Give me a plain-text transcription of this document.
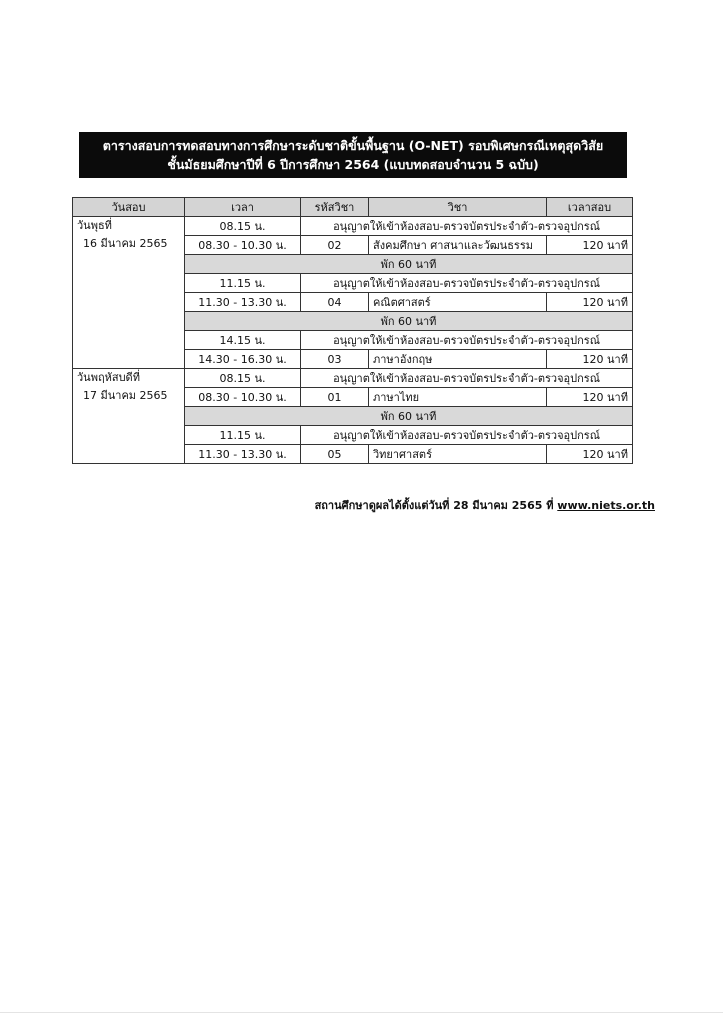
ตารางสอบการทดสอบทางการศึกษาระดับชาติขั้นพื้นฐาน (O-NET) รอบพิเศษกรณีเหตุสุดวิสัย
ชั้นมัธยมศึกษาปีที่ 6 ปีการศึกษา 2564 (แบบทดสอบจำนวน 5 ฉบับ)
วันสอบ	เวลา	รหัสวิชา	วิชา	เวลาสอบ

วันพุธที่
16 มีนาคม 2565	08.15 น.	อนุญาตให้เข้าห้องสอบ-ตรวจบัตรประจำตัว-ตรวจอุปกรณ์		
	08.30 - 10.30 น.	02	สังคมศึกษา ศาสนาและวัฒนธรรม	120 นาที
	พัก 60 นาที			
	11.15 น.	อนุญาตให้เข้าห้องสอบ-ตรวจบัตรประจำตัว-ตรวจอุปกรณ์		
	11.30 - 13.30 น.	04	คณิตศาสตร์	120 นาที
	พัก 60 นาที			
	14.15 น.	อนุญาตให้เข้าห้องสอบ-ตรวจบัตรประจำตัว-ตรวจอุปกรณ์		
	14.30 - 16.30 น.	03	ภาษาอังกฤษ	120 นาที

วันพฤหัสบดีที่
17 มีนาคม 2565	08.15 น.	อนุญาตให้เข้าห้องสอบ-ตรวจบัตรประจำตัว-ตรวจอุปกรณ์		
	08.30 - 10.30 น.	01	ภาษาไทย	120 นาที
	พัก 60 นาที			
	11.15 น.	อนุญาตให้เข้าห้องสอบ-ตรวจบัตรประจำตัว-ตรวจอุปกรณ์		
	11.30 - 13.30 น.	05	วิทยาศาสตร์	120 นาที
สถานศึกษาดูผลได้ตั้งแต่วันที่ 28 มีนาคม 2565 ที่ www.niets.or.th
